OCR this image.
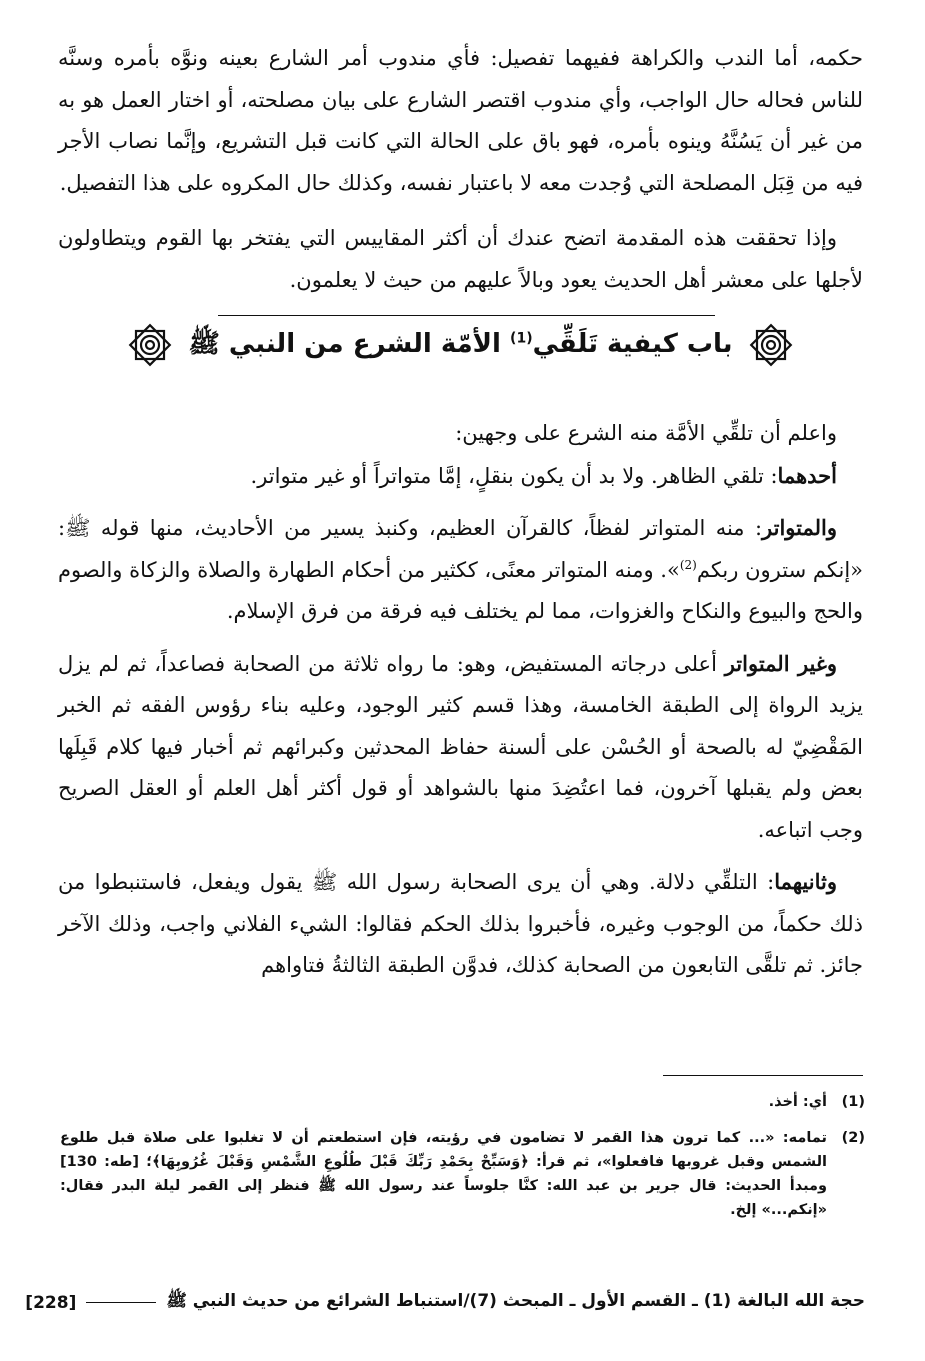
حكمه، أما الندب والكراهة ففيهما تفصيل: فأي مندوب أمر الشارع بعينه ونوَّه بأمره وسنَّه للناس فحاله حال الواجب، وأي مندوب اقتصر الشارع على بيان مصلحته، أو اختار العمل هو به من غير أن يَسُنَّهُ وينوه بأمره، فهو باق على الحالة التي كانت قبل التشريع، وإنَّما نصاب الأجر فيه من قِبَل المصلحة التي وُجدت معه لا باعتبار نفسه، وكذلك حال المكروه على هذا التفصيل.

وإذا تحققت هذه المقدمة اتضح عندك أن أكثر المقاييس التي يفتخر بها القوم ويتطاولون لأجلها على معشر أهل الحديث يعود وبالاً عليهم من حيث لا يعلمون.

باب كيفية تَلَقِّي$^{(1)}$ الأمّة الشرع من النبي ﷺ

واعلم أن تلقِّي الأمَّة منه الشرع على وجهين:

أحدهما: تلقي الظاهر. ولا بد أن يكون بنقلٍ، إمَّا متواتراً أو غير متواتر.

والمتواتر: منه المتواتر لفظاً، كالقرآن العظيم، وكنبذ يسير من الأحاديث، منها قوله ﷺ: «إنكم سترون ربكم$^{(2)}$». ومنه المتواتر معنًى، ككثير من أحكام الطهارة والصلاة والزكاة والصوم والحج والبيوع والنكاح والغزوات، مما لم يختلف فيه فرقة من فرق الإسلام.

وغير المتواتر أعلى درجاته المستفيض، وهو: ما رواه ثلاثة من الصحابة فصاعداً، ثم لم يزل يزيد الرواة إلى الطبقة الخامسة، وهذا قسم كثير الوجود، وعليه بناء رؤوس الفقه ثم الخبر المَقْضِيّ له بالصحة أو الحُسْن على ألسنة حفاظ المحدثين وكبرائهم ثم أخبار فيها كلام قَبِلَها بعض ولم يقبلها آخرون، فما اعتُضِدَ منها بالشواهد أو قول أكثر أهل العلم أو العقل الصريح وجب اتباعه.

وثانيهما: التلقِّي دلالة. وهي أن يرى الصحابة رسول الله ﷺ يقول ويفعل، فاستنبطوا من ذلك حكماً، من الوجوب وغيره، فأخبروا بذلك الحكم فقالوا: الشيء الفلاني واجب، وذلك الآخر جائز. ثم تلقَّى التابعون من الصحابة كذلك، فدوَّن الطبقة الثالثةُ فتاواهم

(1)
أي: أخذ.
(2)
تمامه: «... كما ترون هذا القمر لا تضامون في رؤيته، فإن استطعتم أن لا تغلبوا على صلاة قبل طلوع الشمس وقبل غروبها فافعلوا»، ثم قرأ: ﴿وَسَبِّحْ بِحَمْدِ رَبِّكَ قَبْلَ طُلُوعِ الشَّمْسِ وَقَبْلَ غُرُوبِهَا﴾؛ [طه: 130] ومبدأ الحديث: قال جرير بن عبد الله: كنَّا جلوساً عند رسول الله ﷺ فنظر إلى القمر ليلة البدر فقال: «إنكم...» إلخ.
حجة الله البالغة (1) ـ القسم الأول ـ المبحث (7)/استنباط الشرائع من حديث النبي ﷺ
[228]
